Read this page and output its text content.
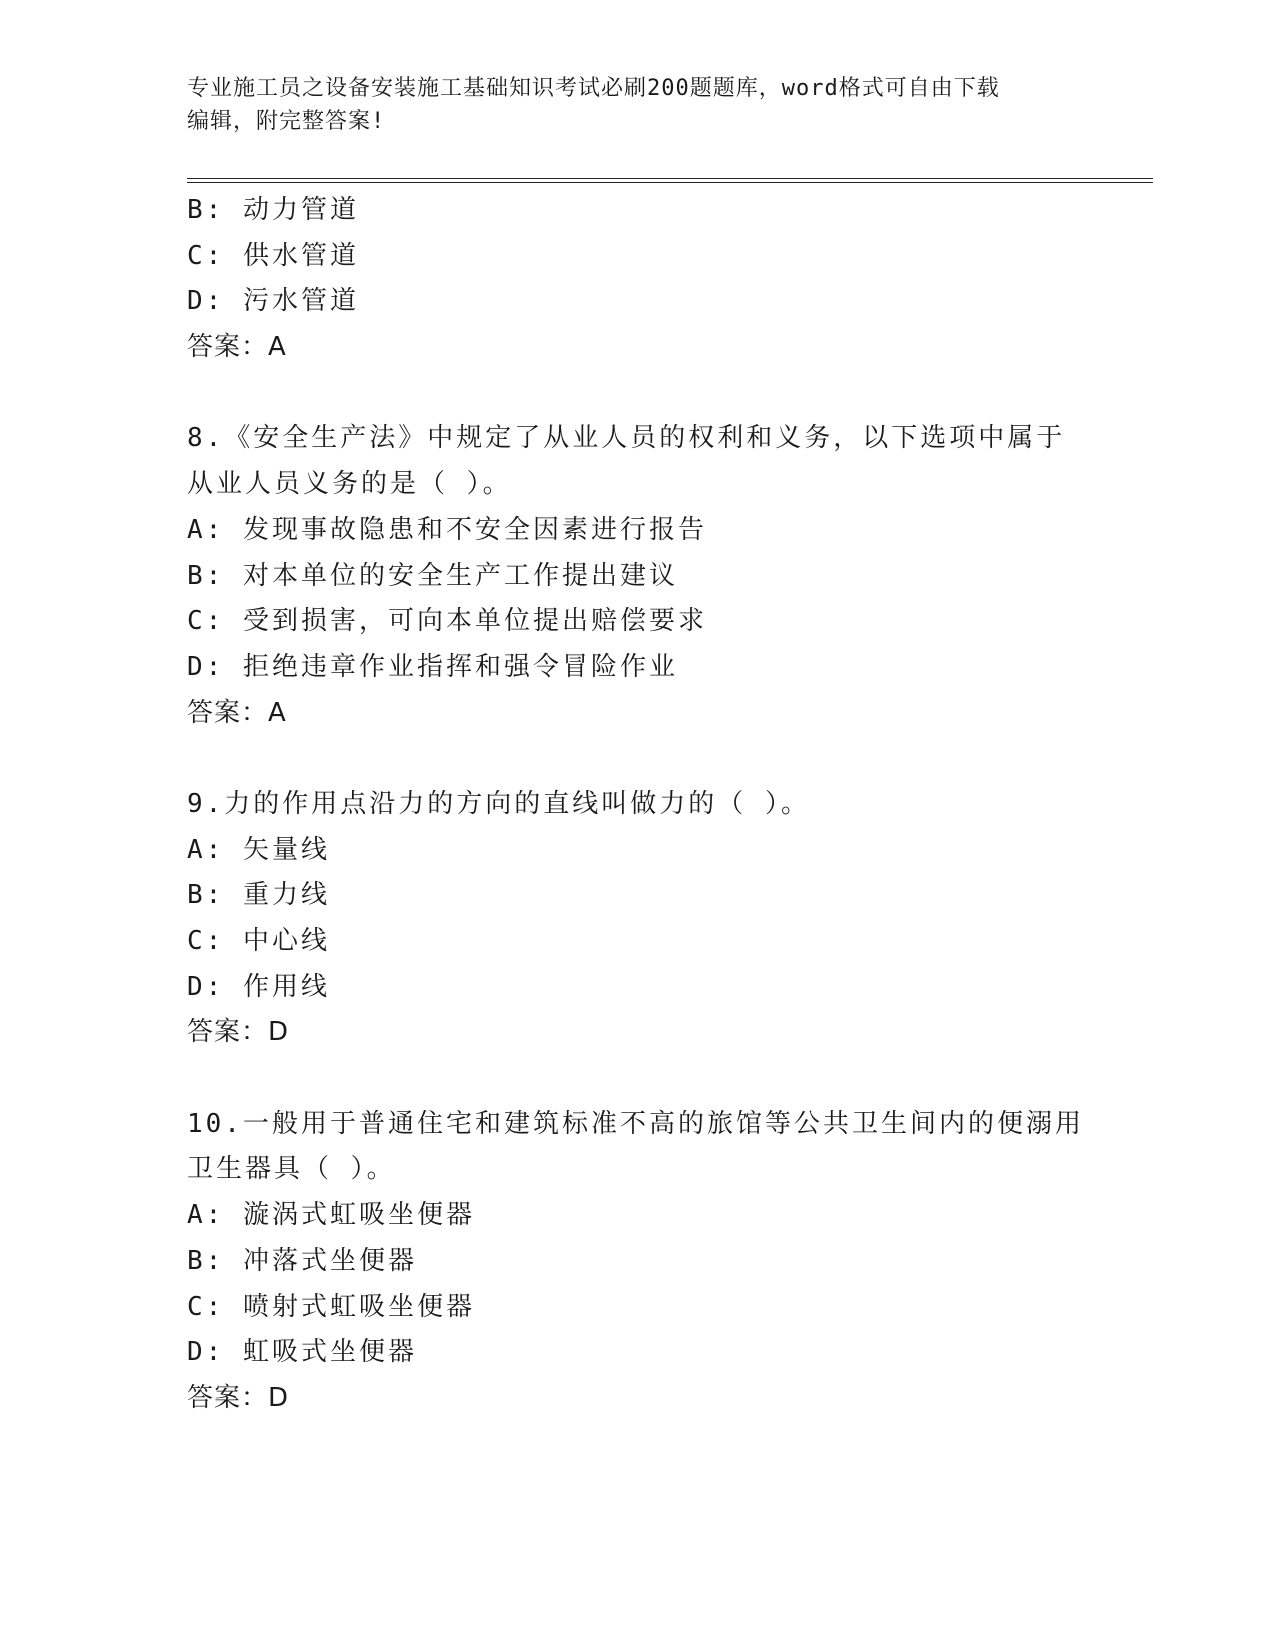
专业施工员之设备安装施工基础知识考试必刷200题题库，word格式可自由下载
编辑，附完整答案!
B: 动力管道
C: 供水管道
D: 污水管道
答案：A
8.《安全生产法》中规定了从业人员的权利和义务，以下选项中属于
从业人员义务的是（ ）。
A: 发现事故隐患和不安全因素进行报告
B: 对本单位的安全生产工作提出建议
C: 受到损害，可向本单位提出赔偿要求
D: 拒绝违章作业指挥和强令冒险作业
答案：A
9.力的作用点沿力的方向的直线叫做力的（ ）。
A: 矢量线
B: 重力线
C: 中心线
D: 作用线
答案：D
10.一般用于普通住宅和建筑标准不高的旅馆等公共卫生间内的便溺用
卫生器具（ ）。
A: 漩涡式虹吸坐便器
B: 冲落式坐便器
C: 喷射式虹吸坐便器
D: 虹吸式坐便器
答案：D
